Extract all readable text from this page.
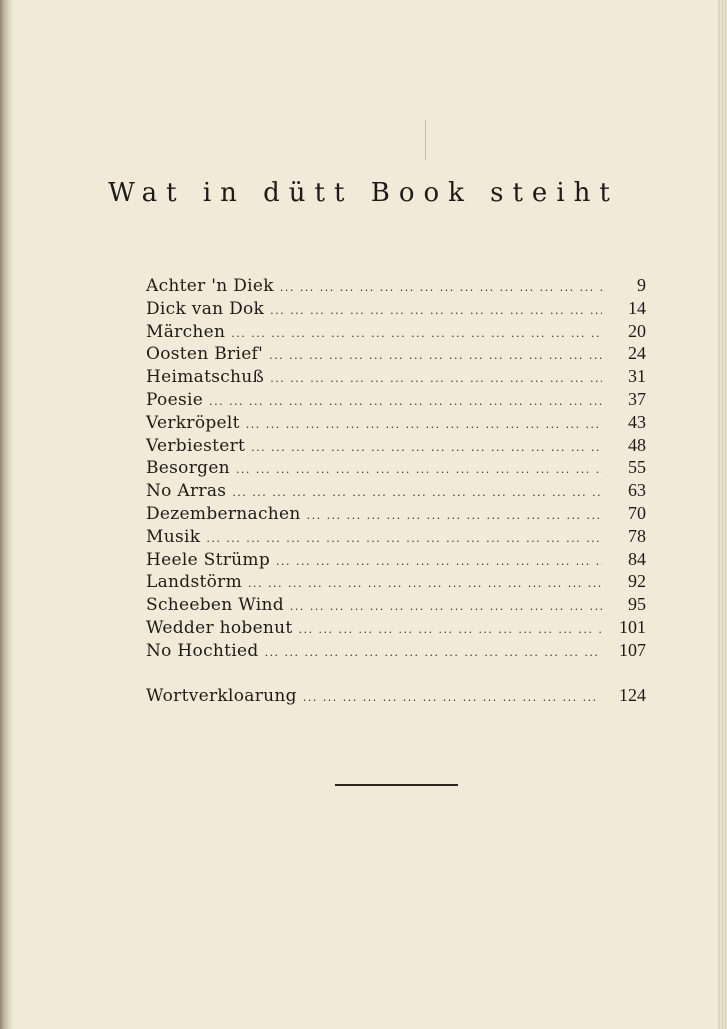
Wat in dütt Book steiht
Achter 'n Diek ... .	9
Dick van Dok ... .	14
Märchen ... .	20
Oosten Brief' ... .	24
Heimatschuß ... .	31
Poesie ... .	37
Verkröpelt ... .	43
Verbiestert ... .	48
Besorgen ... .	55
No Arras ... .	63
Dezembernachen ... .	70
Musik ... .	78
Heele Strümp ... .	84
Landstörm ... .	92
Scheeben Wind ... .	95
Wedder hobenut ... .	101
No Hochtied ... .	107
Wortverkloarung ... .	124
